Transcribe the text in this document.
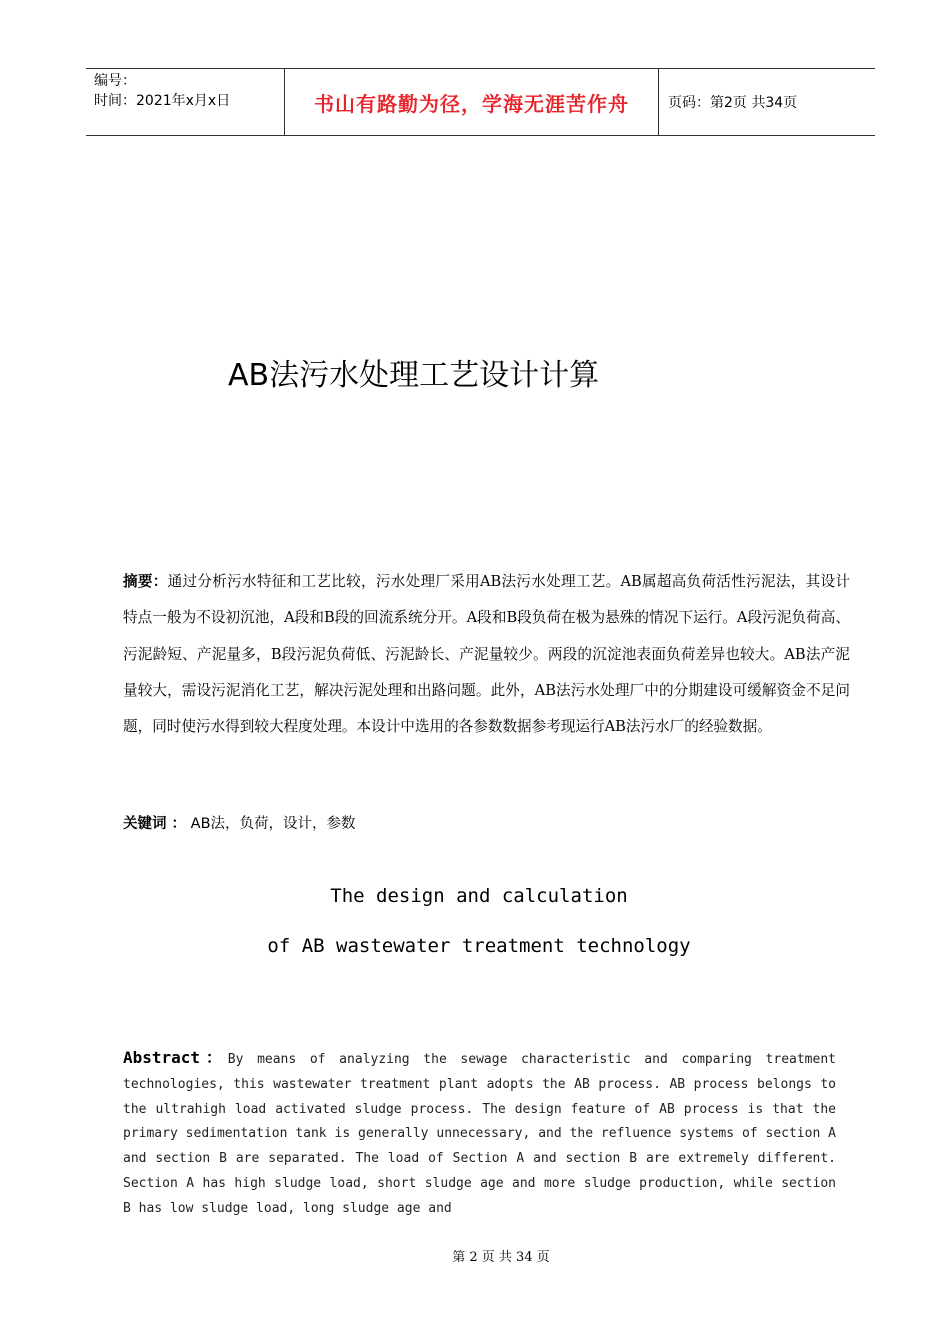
编号：
时间：2021年x月x日	书山有路勤为径，学海无涯苦作舟	页码：第2页 共34页
AB法污水处理工艺设计计算
摘要：通过分析污水特征和工艺比较，污水处理厂采用AB法污水处理工艺。AB属超高负荷活性污泥法，其设计特点一般为不设初沉池，A段和B段的回流系统分开。A段和B段负荷在极为悬殊的情况下运行。A段污泥负荷高、污泥龄短、产泥量多，B段污泥负荷低、污泥龄长、产泥量较少。两段的沉淀池表面负荷差异也较大。AB法产泥量较大，需设污泥消化工艺，解决污泥处理和出路问题。此外，AB法污水处理厂中的分期建设可缓解资金不足问题，同时使污水得到较大程度处理。本设计中选用的各参数数据参考现运行AB法污水厂的经验数据。
关键词 ： AB法，负荷，设计，参数
The design and calculation
of AB wastewater treatment technology
Abstract：By means of analyzing the sewage characteristic and comparing treatment technologies, this wastewater treatment plant adopts the AB process. AB process belongs to the ultrahigh load activated sludge process. The design feature of AB process is that the primary sedimentation tank is generally unnecessary, and the refluence systems of section A and section B are separated. The load of Section A and section B are extremely different. Section A has high sludge load, short sludge age and more sludge production, while section B has low sludge load, long sludge age and
第 2 页 共 34 页
